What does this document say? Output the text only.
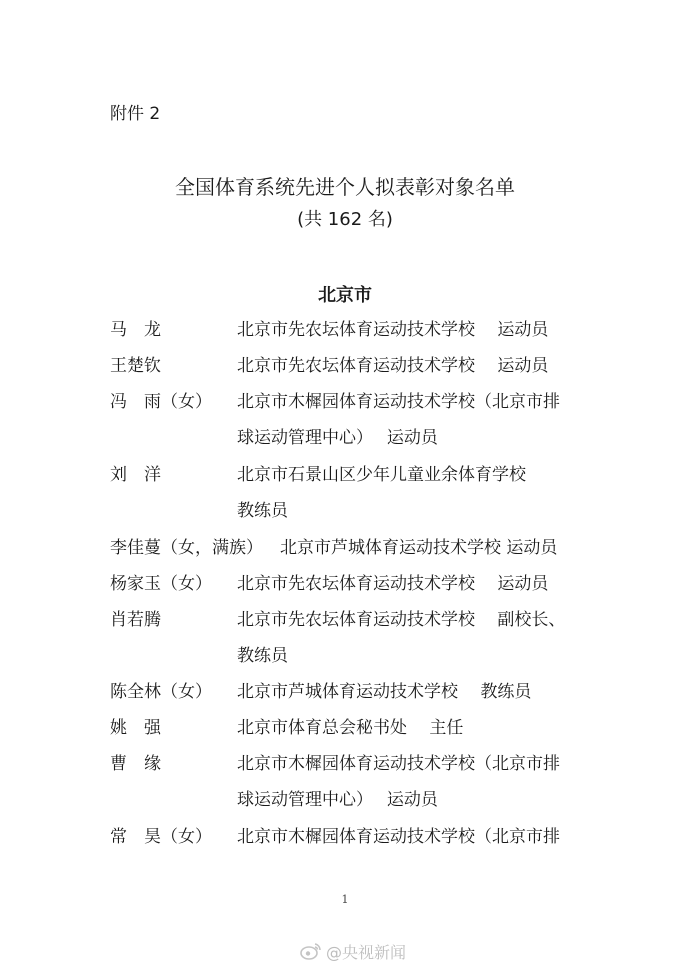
附件 2
全国体育系统先进个人拟表彰对象名单
(共 162 名)
北京市
马　龙	北京市先农坛体育运动技术学校　 运动员
王楚钦	北京市先农坛体育运动技术学校　 运动员
冯　雨（女） 北京市木樨园体育运动技术学校（北京市排
球运动管理中心）　 运动员
刘　洋	北京市石景山区少年儿童业余体育学校
教练员
李佳蔓（女，满族） 北京市芦城体育运动技术学校 运动员
杨家玉（女） 北京市先农坛体育运动技术学校　 运动员
肖若腾	北京市先农坛体育运动技术学校　 副校长、
教练员
陈全林（女） 北京市芦城体育运动技术学校　 教练员
姚　强	北京市体育总会秘书处　 主任
曹　缘	北京市木樨园体育运动技术学校（北京市排
球运动管理中心）　 运动员
常　昊（女） 北京市木樨园体育运动技术学校（北京市排
1
@央视新闻
